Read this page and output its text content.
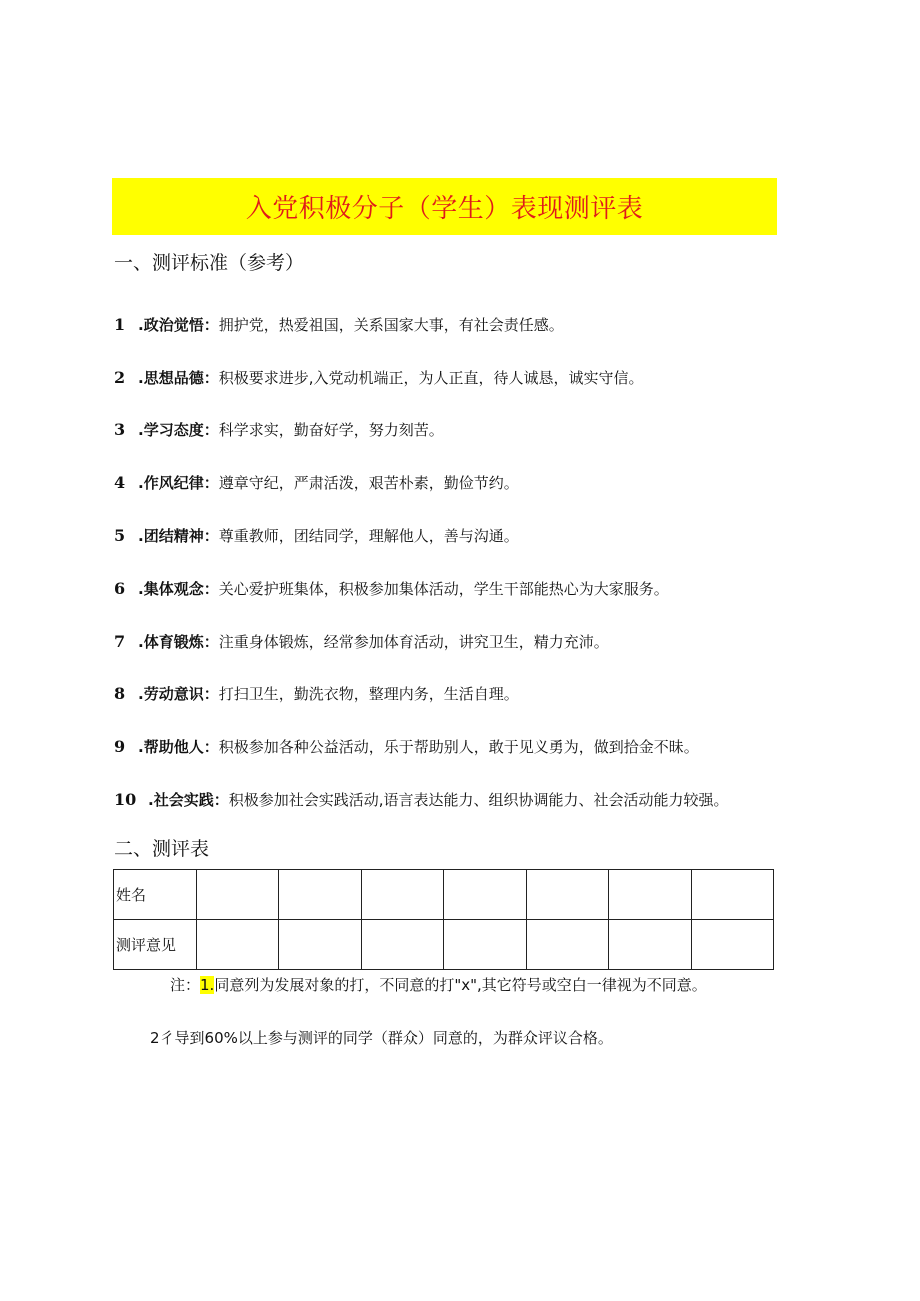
入党积极分子（学生）表现测评表
一、测评标准（参考）
1 .政治觉悟： 拥护党，热爱祖国，关系国家大事，有社会责任感。
2 .思想品德： 积极要求进步,入党动机端正，为人正直，待人诚恳，诚实守信。
3 .学习态度： 科学求实，勤奋好学，努力刻苦。
4 .作风纪律： 遵章守纪，严肃活泼，艰苦朴素，勤俭节约。
5 .团结精神： 尊重教师，团结同学，理解他人，善与沟通。
6 .集体观念： 关心爱护班集体，积极参加集体活动，学生干部能热心为大家服务。
7 .体育锻炼： 注重身体锻炼，经常参加体育活动，讲究卫生，精力充沛。
8 .劳动意识： 打扫卫生，勤洗衣物，整理内务，生活自理。
9 .帮助他人： 积极参加各种公益活动，乐于帮助别人，敢于见义勇为，做到拾金不昧。
10 .社会实践： 积极参加社会实践活动,语言表达能力、组织协调能力、社会活动能力较强。
二、测评表
姓名							
测评意见							
注：1.同意列为发展对象的打，不同意的打"x",其它符号或空白一律视为不同意。
2彳导到60%以上参与测评的同学（群众）同意的，为群众评议合格。
